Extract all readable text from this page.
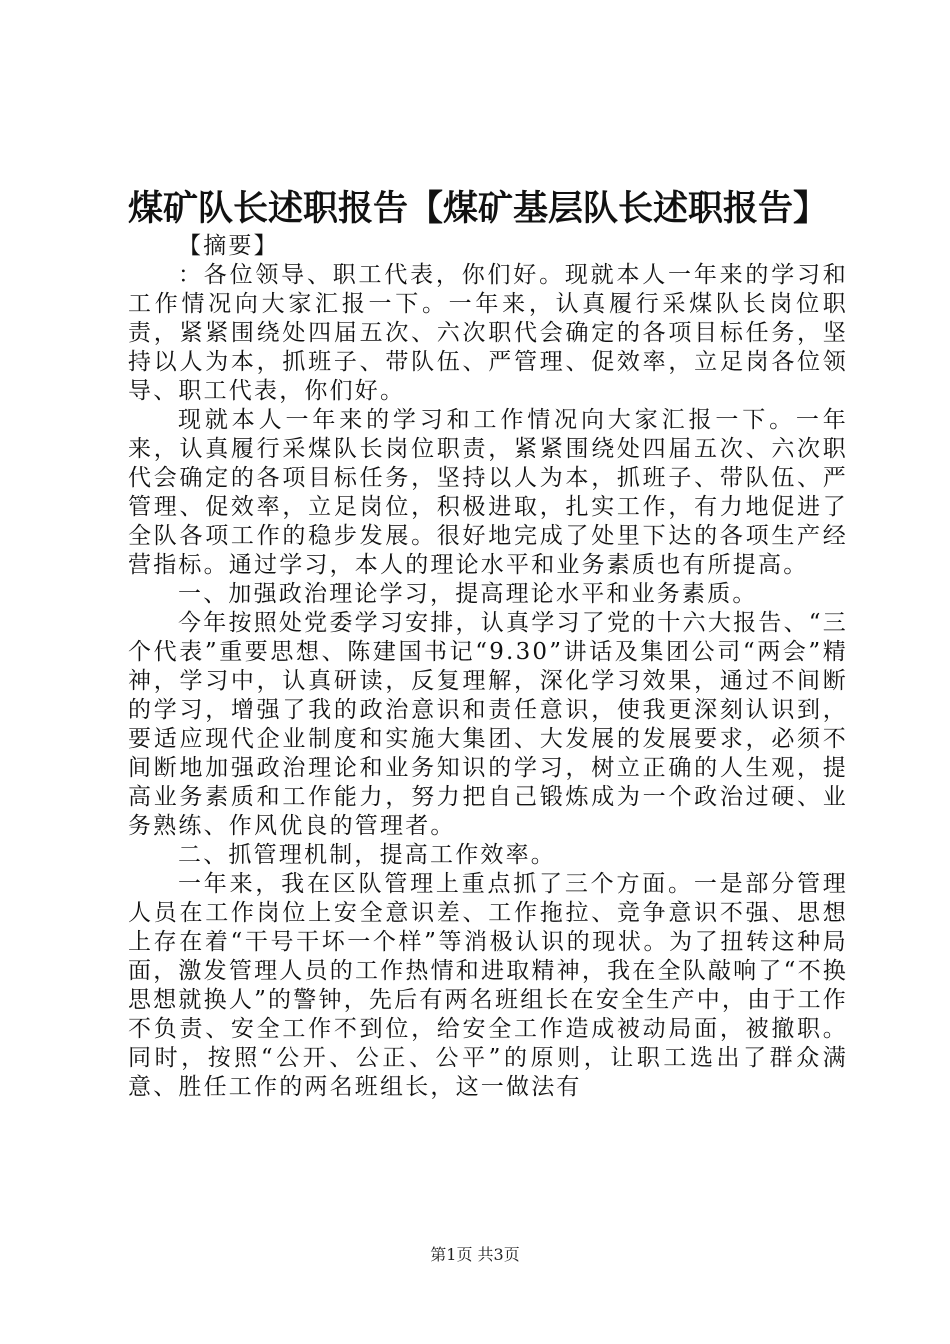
煤矿队长述职报告【煤矿基层队长述职报告】

【摘要】

：各位领导、职工代表，你们好。现就本人一年来的学习和工作情况向大家汇报一下。一年来，认真履行采煤队长岗位职责，紧紧围绕处四届五次、六次职代会确定的各项目标任务，坚持以人为本，抓班子、带队伍、严管理、促效率，立足岗各位领导、职工代表，你们好。

现就本人一年来的学习和工作情况向大家汇报一下。一年来，认真履行采煤队长岗位职责，紧紧围绕处四届五次、六次职代会确定的各项目标任务，坚持以人为本，抓班子、带队伍、严管理、促效率，立足岗位，积极进取，扎实工作，有力地促进了全队各项工作的稳步发展。很好地完成了处里下达的各项生产经营指标。通过学习，本人的理论水平和业务素质也有所提高。

一、加强政治理论学习，提高理论水平和业务素质。

今年按照处党委学习安排，认真学习了党的十六大报告、“三个代表”重要思想、陈建国书记“9.30”讲话及集团公司“两会”精神，学习中，认真研读，反复理解，深化学习效果，通过不间断的学习，增强了我的政治意识和责任意识，使我更深刻认识到，要适应现代企业制度和实施大集团、大发展的发展要求，必须不间断地加强政治理论和业务知识的学习，树立正确的人生观，提高业务素质和工作能力，努力把自己锻炼成为一个政治过硬、业务熟练、作风优良的管理者。

二、抓管理机制，提高工作效率。

一年来，我在区队管理上重点抓了三个方面。一是部分管理人员在工作岗位上安全意识差、工作拖拉、竞争意识不强、思想上存在着“干号干坏一个样”等消极认识的现状。为了扭转这种局面，激发管理人员的工作热情和进取精神，我在全队敲响了“不换思想就换人”的警钟，先后有两名班组长在安全生产中，由于工作不负责、安全工作不到位，给安全工作造成被动局面，被撤职。同时，按照“公开、公正、公平”的原则，让职工选出了群众满意、胜任工作的两名班组长，这一做法有

第1页 共3页
